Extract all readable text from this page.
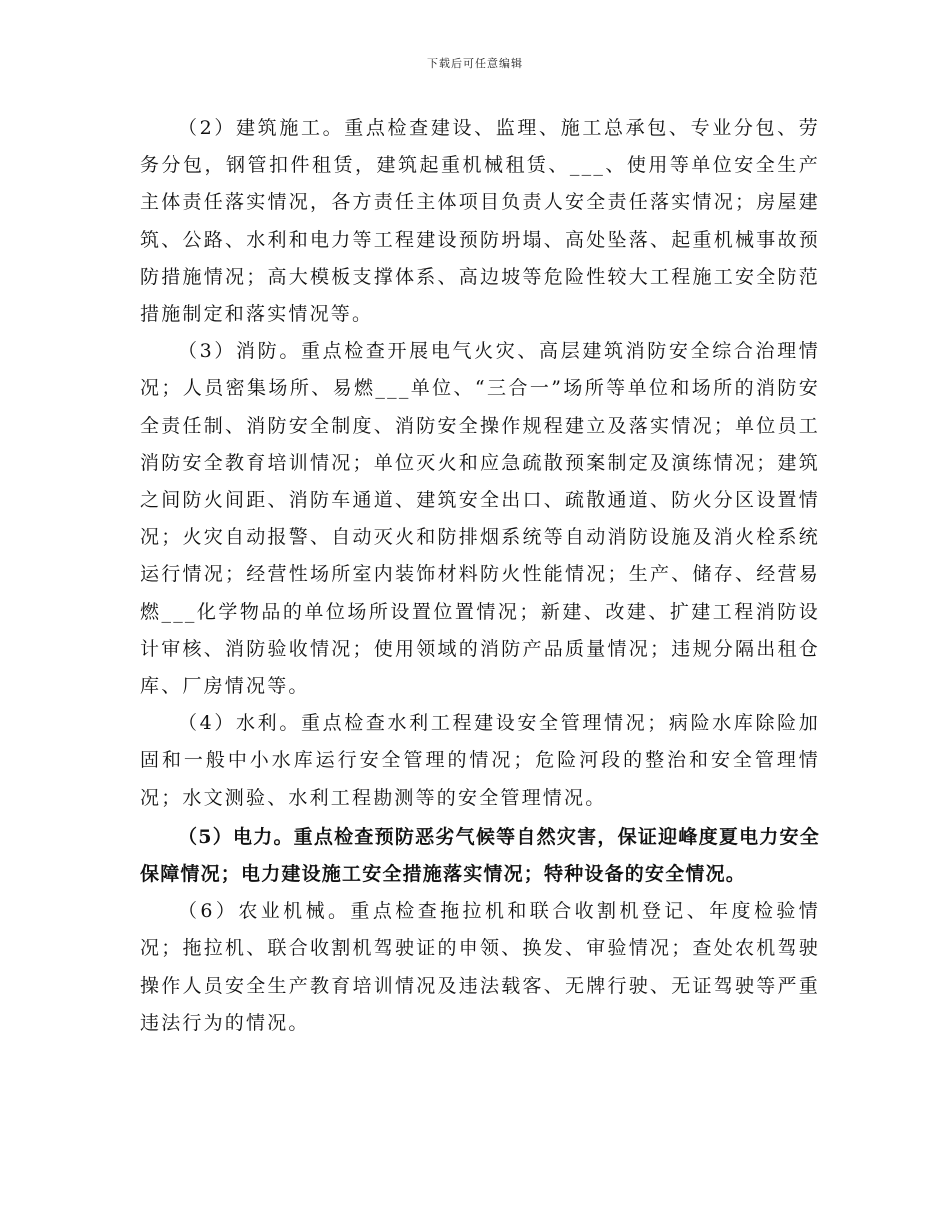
下载后可任意编辑

（2）建筑施工。重点检查建设、监理、施工总承包、专业分包、劳务分包，钢管扣件租赁，建筑起重机械租赁、___、使用等单位安全生产主体责任落实情况，各方责任主体项目负责人安全责任落实情况；房屋建筑、公路、水利和电力等工程建设预防坍塌、高处坠落、起重机械事故预防措施情况；高大模板支撑体系、高边坡等危险性较大工程施工安全防范措施制定和落实情况等。

（3）消防。重点检查开展电气火灾、高层建筑消防安全综合治理情况；人员密集场所、易燃___单位、“三合一”场所等单位和场所的消防安全责任制、消防安全制度、消防安全操作规程建立及落实情况；单位员工消防安全教育培训情况；单位灭火和应急疏散预案制定及演练情况；建筑之间防火间距、消防车通道、建筑安全出口、疏散通道、防火分区设置情况；火灾自动报警、自动灭火和防排烟系统等自动消防设施及消火栓系统运行情况；经营性场所室内装饰材料防火性能情况；生产、储存、经营易燃___化学物品的单位场所设置位置情况；新建、改建、扩建工程消防设计审核、消防验收情况；使用领域的消防产品质量情况；违规分隔出租仓库、厂房情况等。

（4）水利。重点检查水利工程建设安全管理情况；病险水库除险加固和一般中小水库运行安全管理的情况；危险河段的整治和安全管理情况；水文测验、水利工程勘测等的安全管理情况。

（5）电力。重点检查预防恶劣气候等自然灾害，保证迎峰度夏电力安全保障情况；电力建设施工安全措施落实情况；特种设备的安全情况。

（6）农业机械。重点检查拖拉机和联合收割机登记、年度检验情况；拖拉机、联合收割机驾驶证的申领、换发、审验情况；查处农机驾驶操作人员安全生产教育培训情况及违法载客、无牌行驶、无证驾驶等严重违法行为的情况。
